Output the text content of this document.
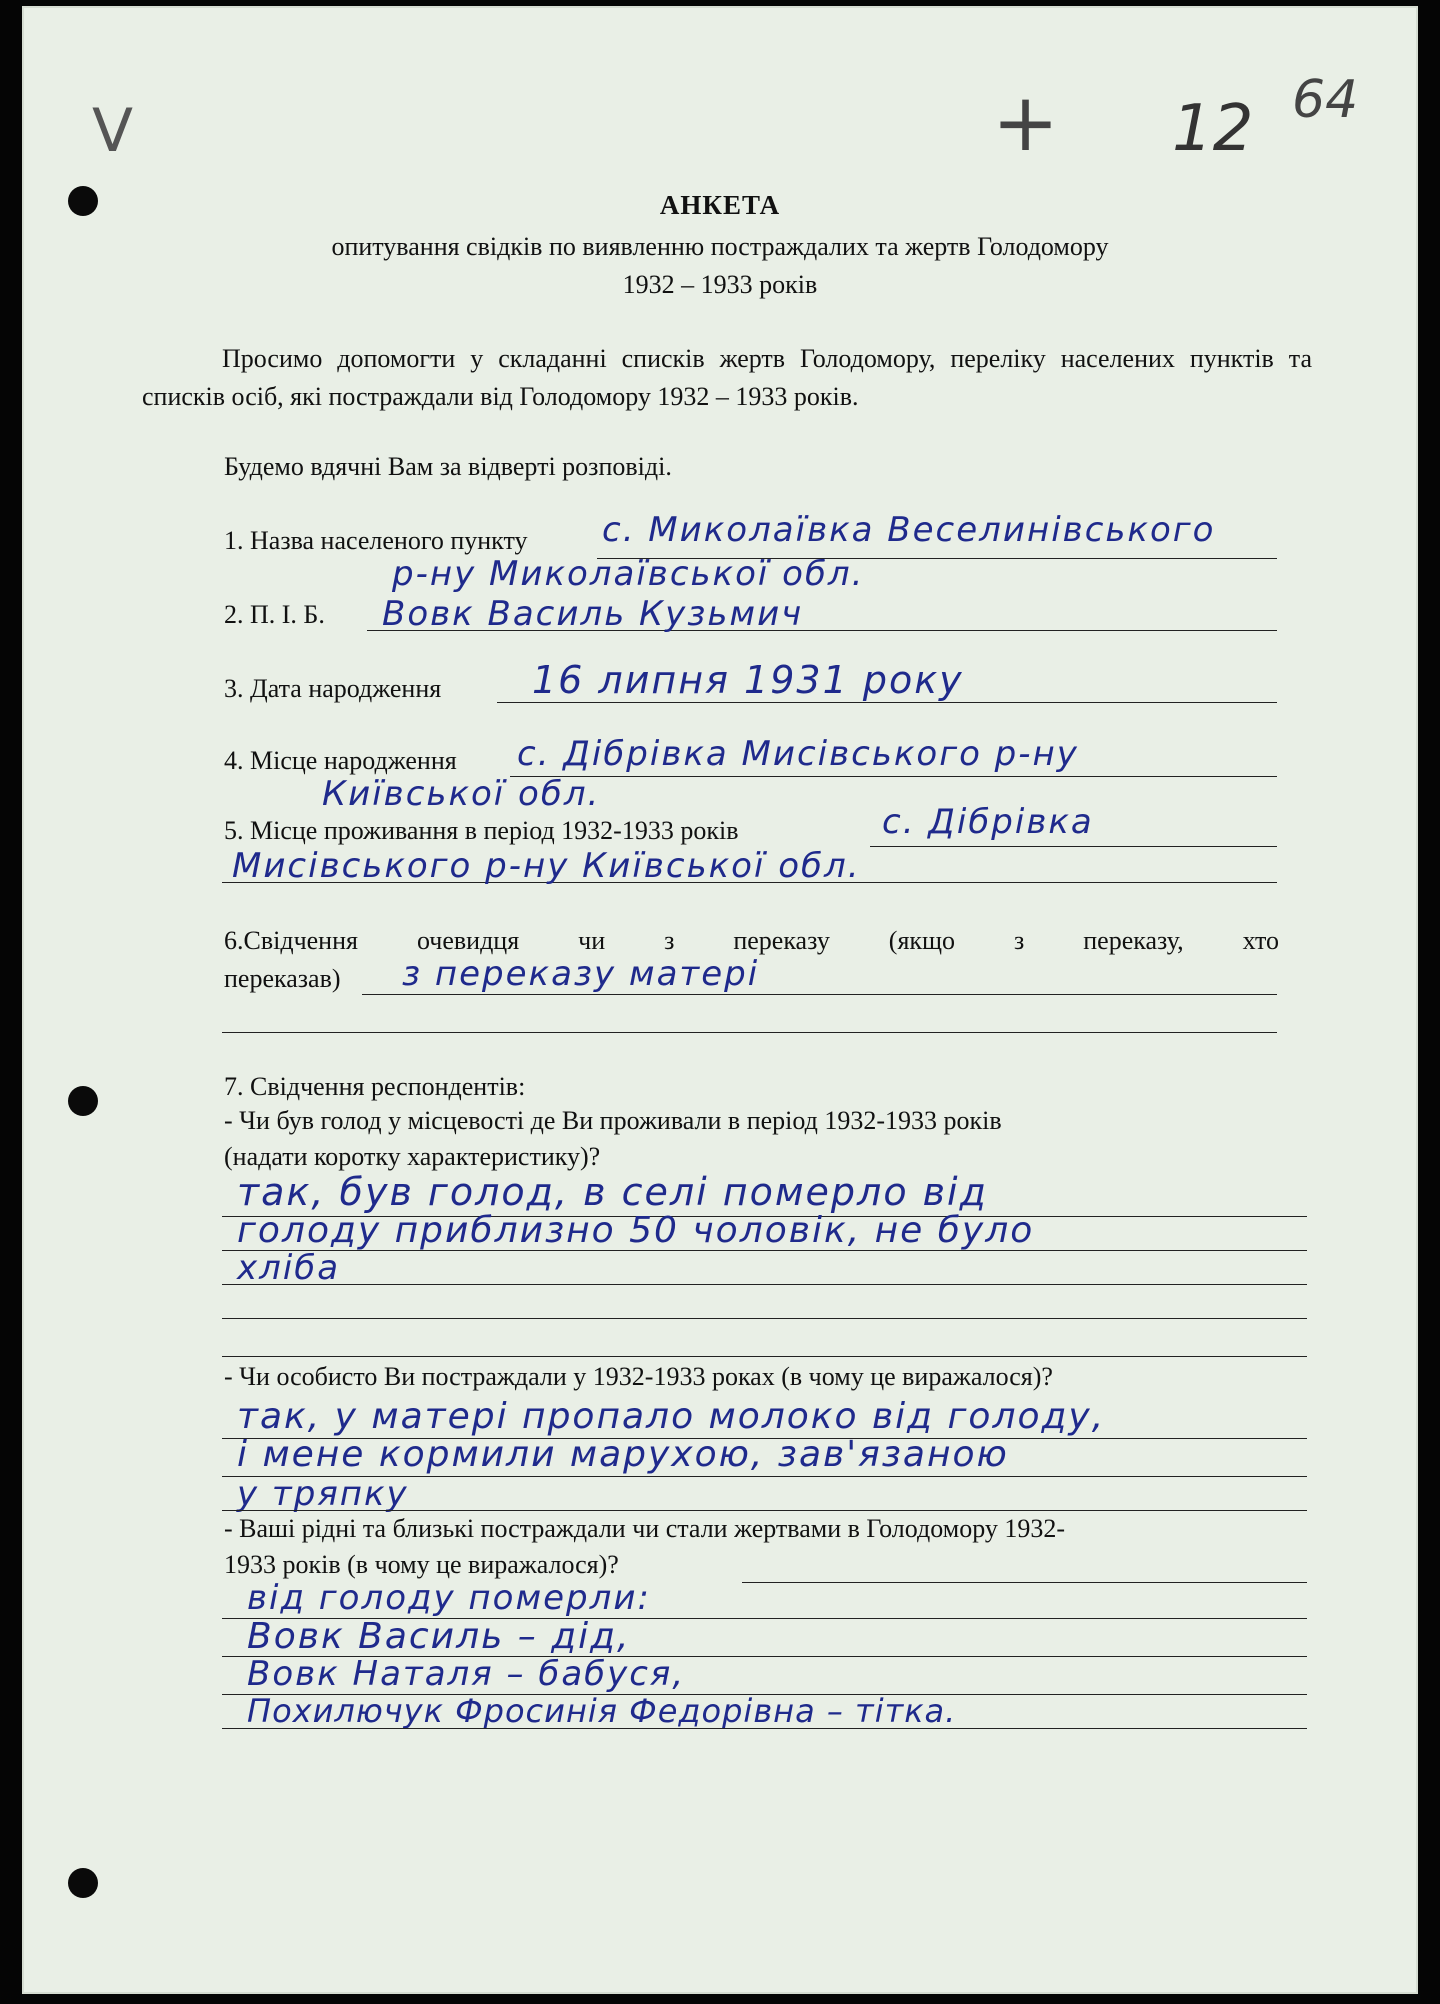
V	+ 12 64
АНКЕТА
опитування свідків по виявленню постраждалих та жертв Голодомору
1932 – 1933 років
Просимо допомогти у складанні списків жертв Голодомору, переліку населених пунктів та списків осіб, які постраждали від Голодомору 1932 – 1933 років.
Будемо вдячні Вам за відверті розповіді.
1. Назва населеного пункту с. Миколаївка Веселинівського
р-ну Миколаївської обл.
2. П. І. Б. Вовк Василь Кузьмич
3. Дата народження 16 липня 1931 року
4. Місце народження с. Дібрівка Мисівського р-ну
Київської обл.
5. Місце проживання в період 1932-1933 років	с. Дібрівка
Мисівського р-ну Київської обл.
6.Свідчення очевидця чи з переказу (якщо з переказу, хто
переказав) з переказу матері
7. Свідчення респондентів:
- Чи був голод у місцевості де Ви проживали в період 1932-1933 років
(надати коротку характеристику)?
так, був голод, в селі померло від
голоду приблизно 50 чоловік, не було
хліба
- Чи особисто Ви постраждали у 1932-1933 роках (в чому це виражалося)?
так, у матері пропало молоко від голоду,
і мене кормили марухою, зав'язаною
у тряпку
- Ваші рідні та близькі постраждали чи стали жертвами в Голодомору 1932-
1933 років (в чому це виражалося)?
від голоду померли:
Вовк Василь – дід,
Вовк Наталя – бабуся,
Похилючук Фросинія Федорівна – тітка.
